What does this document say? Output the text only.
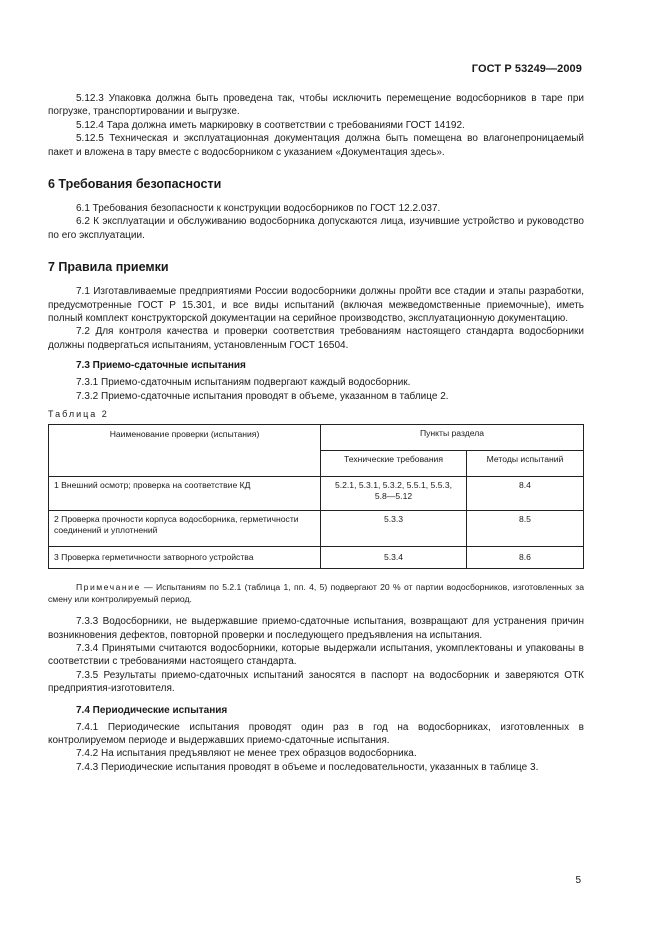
ГОСТ Р 53249—2009

5.12.3 Упаковка должна быть проведена так, чтобы исключить перемещение водосборников в таре при погрузке, транспортировании и выгрузке.

5.12.4 Тара должна иметь маркировку в соответствии с требованиями ГОСТ 14192.

5.12.5 Техническая и эксплуатационная документация должна быть помещена во влагонепроницаемый пакет и вложена в тару вместе с водосборником с указанием «Документация здесь».

6 Требования безопасности

6.1 Требования безопасности к конструкции водосборников по ГОСТ 12.2.037.

6.2 К эксплуатации и обслуживанию водосборника допускаются лица, изучившие устройство и руководство по его эксплуатации.

7 Правила приемки

7.1 Изготавливаемые предприятиями России водосборники должны пройти все стадии и этапы разработки, предусмотренные ГОСТ Р 15.301, и все виды испытаний (включая межведомственные приемочные), иметь полный комплект конструкторской документации на серийное производство, эксплуатационную документацию.

7.2 Для контроля качества и проверки соответствия требованиям настоящего стандарта водосборники должны подвергаться испытаниям, установленным ГОСТ 16504.

7.3 Приемо-сдаточные испытания

7.3.1 Приемо-сдаточным испытаниям подвергают каждый водосборник.

7.3.2 Приемо-сдаточные испытания проводят в объеме, указанном в таблице 2.

Таблица 2
Наименование проверки (испытания)	Пункты раздела	
	Технические требования	Методы испытаний
1 Внешний осмотр; проверка на соответствие КД	5.2.1, 5.3.1, 5.3.2, 5.5.1, 5.5.3, 5.8—5.12	8.4
2 Проверка прочности корпуса водосборника, герметичности соединений и уплотнений	5.3.3	8.5
3 Проверка герметичности затворного устройства	5.3.4	8.6

Примечание — Испытаниям по 5.2.1 (таблица 1, пп. 4, 5) подвергают 20 % от партии водосборников, изготовленных за смену или контролируемый период.

7.3.3 Водосборники, не выдержавшие приемо-сдаточные испытания, возвращают для устранения причин возникновения дефектов, повторной проверки и последующего предъявления на испытания.

7.3.4 Принятыми считаются водосборники, которые выдержали испытания, укомплектованы и упакованы в соответствии с требованиями настоящего стандарта.

7.3.5 Результаты приемо-сдаточных испытаний заносятся в паспорт на водосборник и заверяются ОТК предприятия-изготовителя.

7.4 Периодические испытания

7.4.1 Периодические испытания проводят один раз в год на водосборниках, изготовленных в контролируемом периоде и выдержавших приемо-сдаточные испытания.

7.4.2 На испытания предъявляют не менее трех образцов водосборника.

7.4.3 Периодические испытания проводят в объеме и последовательности, указанных в таблице 3.

5
